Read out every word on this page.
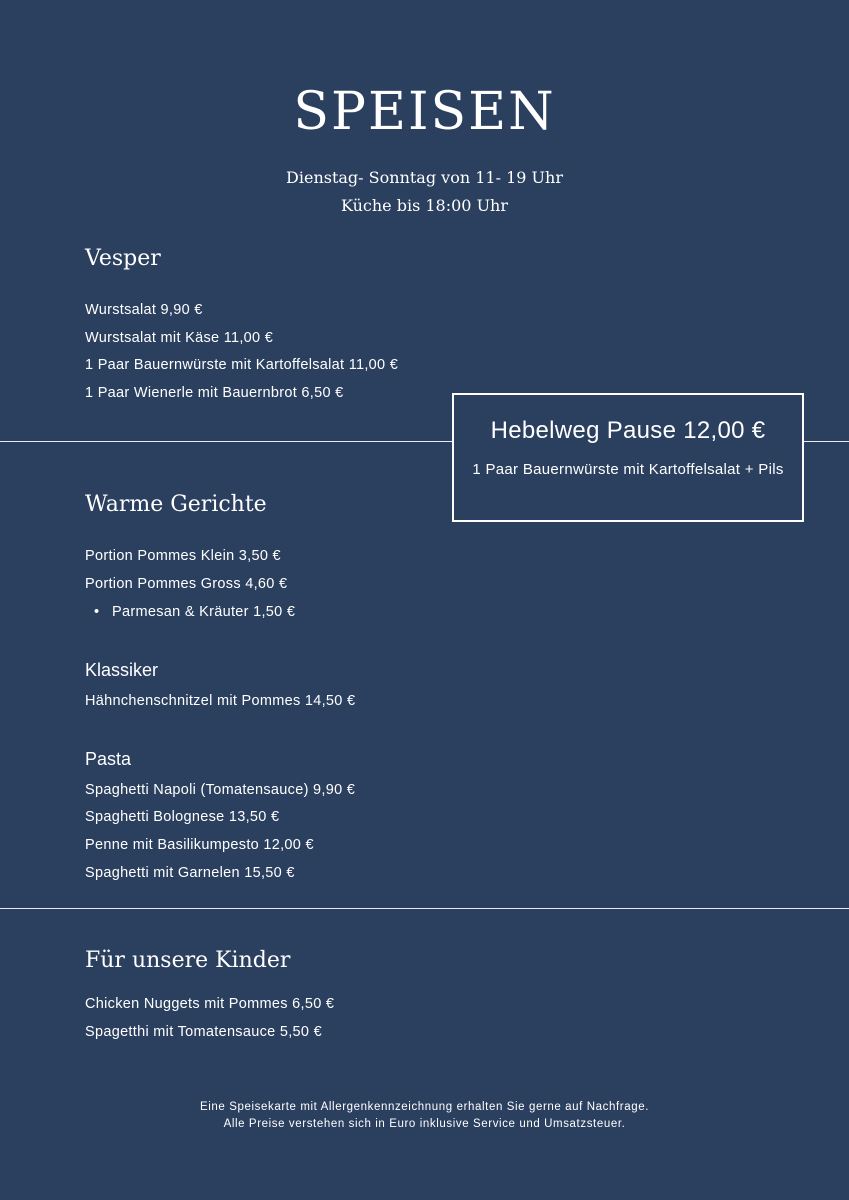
SPEISEN
Dienstag- Sonntag von 11- 19 Uhr
Küche bis 18:00 Uhr
Vesper
Wurstsalat 9,90 €
Wurstsalat mit Käse 11,00 €
1 Paar Bauernwürste mit Kartoffelsalat 11,00 €
1 Paar Wienerle mit Bauernbrot 6,50 €
Hebelweg Pause 12,00 €
1 Paar Bauernwürste mit Kartoffelsalat + Pils
Warme Gerichte
Portion Pommes Klein 3,50 €
Portion Pommes Gross 4,60 €
• Parmesan & Kräuter 1,50 €
Klassiker
Hähnchenschnitzel mit Pommes 14,50 €
Pasta
Spaghetti Napoli (Tomatensauce) 9,90 €
Spaghetti Bolognese 13,50 €
Penne mit Basilikumpesto 12,00 €
Spaghetti mit Garnelen 15,50 €
Für unsere Kinder
Chicken Nuggets mit Pommes 6,50 €
Spagetthi mit Tomatensauce 5,50 €
Eine Speisekarte mit Allergenkennzeichnung erhalten Sie gerne auf Nachfrage.
Alle Preise verstehen sich in Euro inklusive Service und Umsatzsteuer.
